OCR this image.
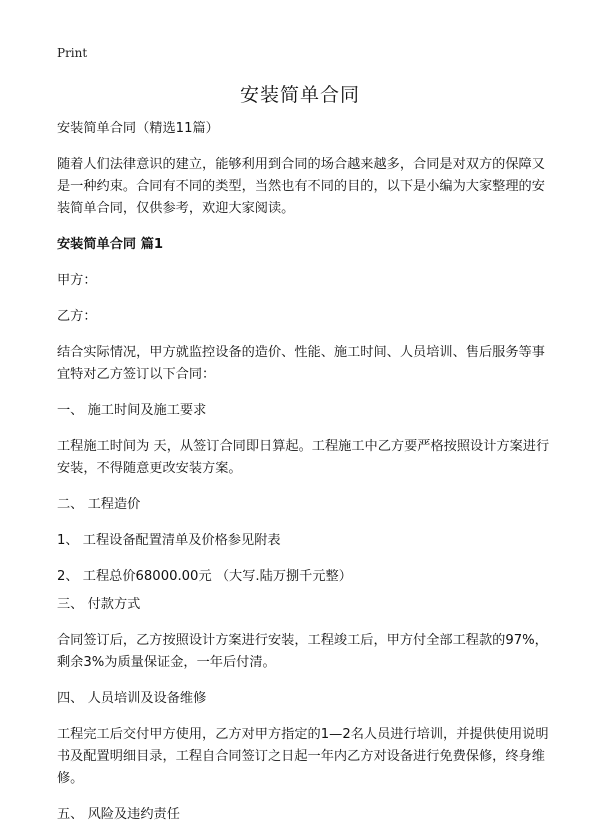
Print
安装简单合同

安装简单合同（精选11篇）

随着人们法律意识的建立，能够利用到合同的场合越来越多，合同是对双方的保障又是一种约束。合同有不同的类型，当然也有不同的目的，以下是小编为大家整理的安装简单合同，仅供参考，欢迎大家阅读。

安装简单合同 篇1

甲方：

乙方：

结合实际情况，甲方就监控设备的造价、性能、施工时间、人员培训、售后服务等事宜特对乙方签订以下合同：

一、 施工时间及施工要求

工程施工时间为 天，从签订合同即日算起。工程施工中乙方要严格按照设计方案进行安装，不得随意更改安装方案。

二、 工程造价

1、 工程设备配置清单及价格参见附表

2、 工程总价68000.00元 （大写.陆万捌千元整）

三、 付款方式

合同签订后，乙方按照设计方案进行安装，工程竣工后，甲方付全部工程款的97%，剩余3%为质量保证金，一年后付清。

四、 人员培训及设备维修

工程完工后交付甲方使用，乙方对甲方指定的1—2名人员进行培训，并提供使用说明书及配置明细目录，工程自合同签订之日起一年内乙方对设备进行免费保修，终身维修。

五、 风险及违约责任
